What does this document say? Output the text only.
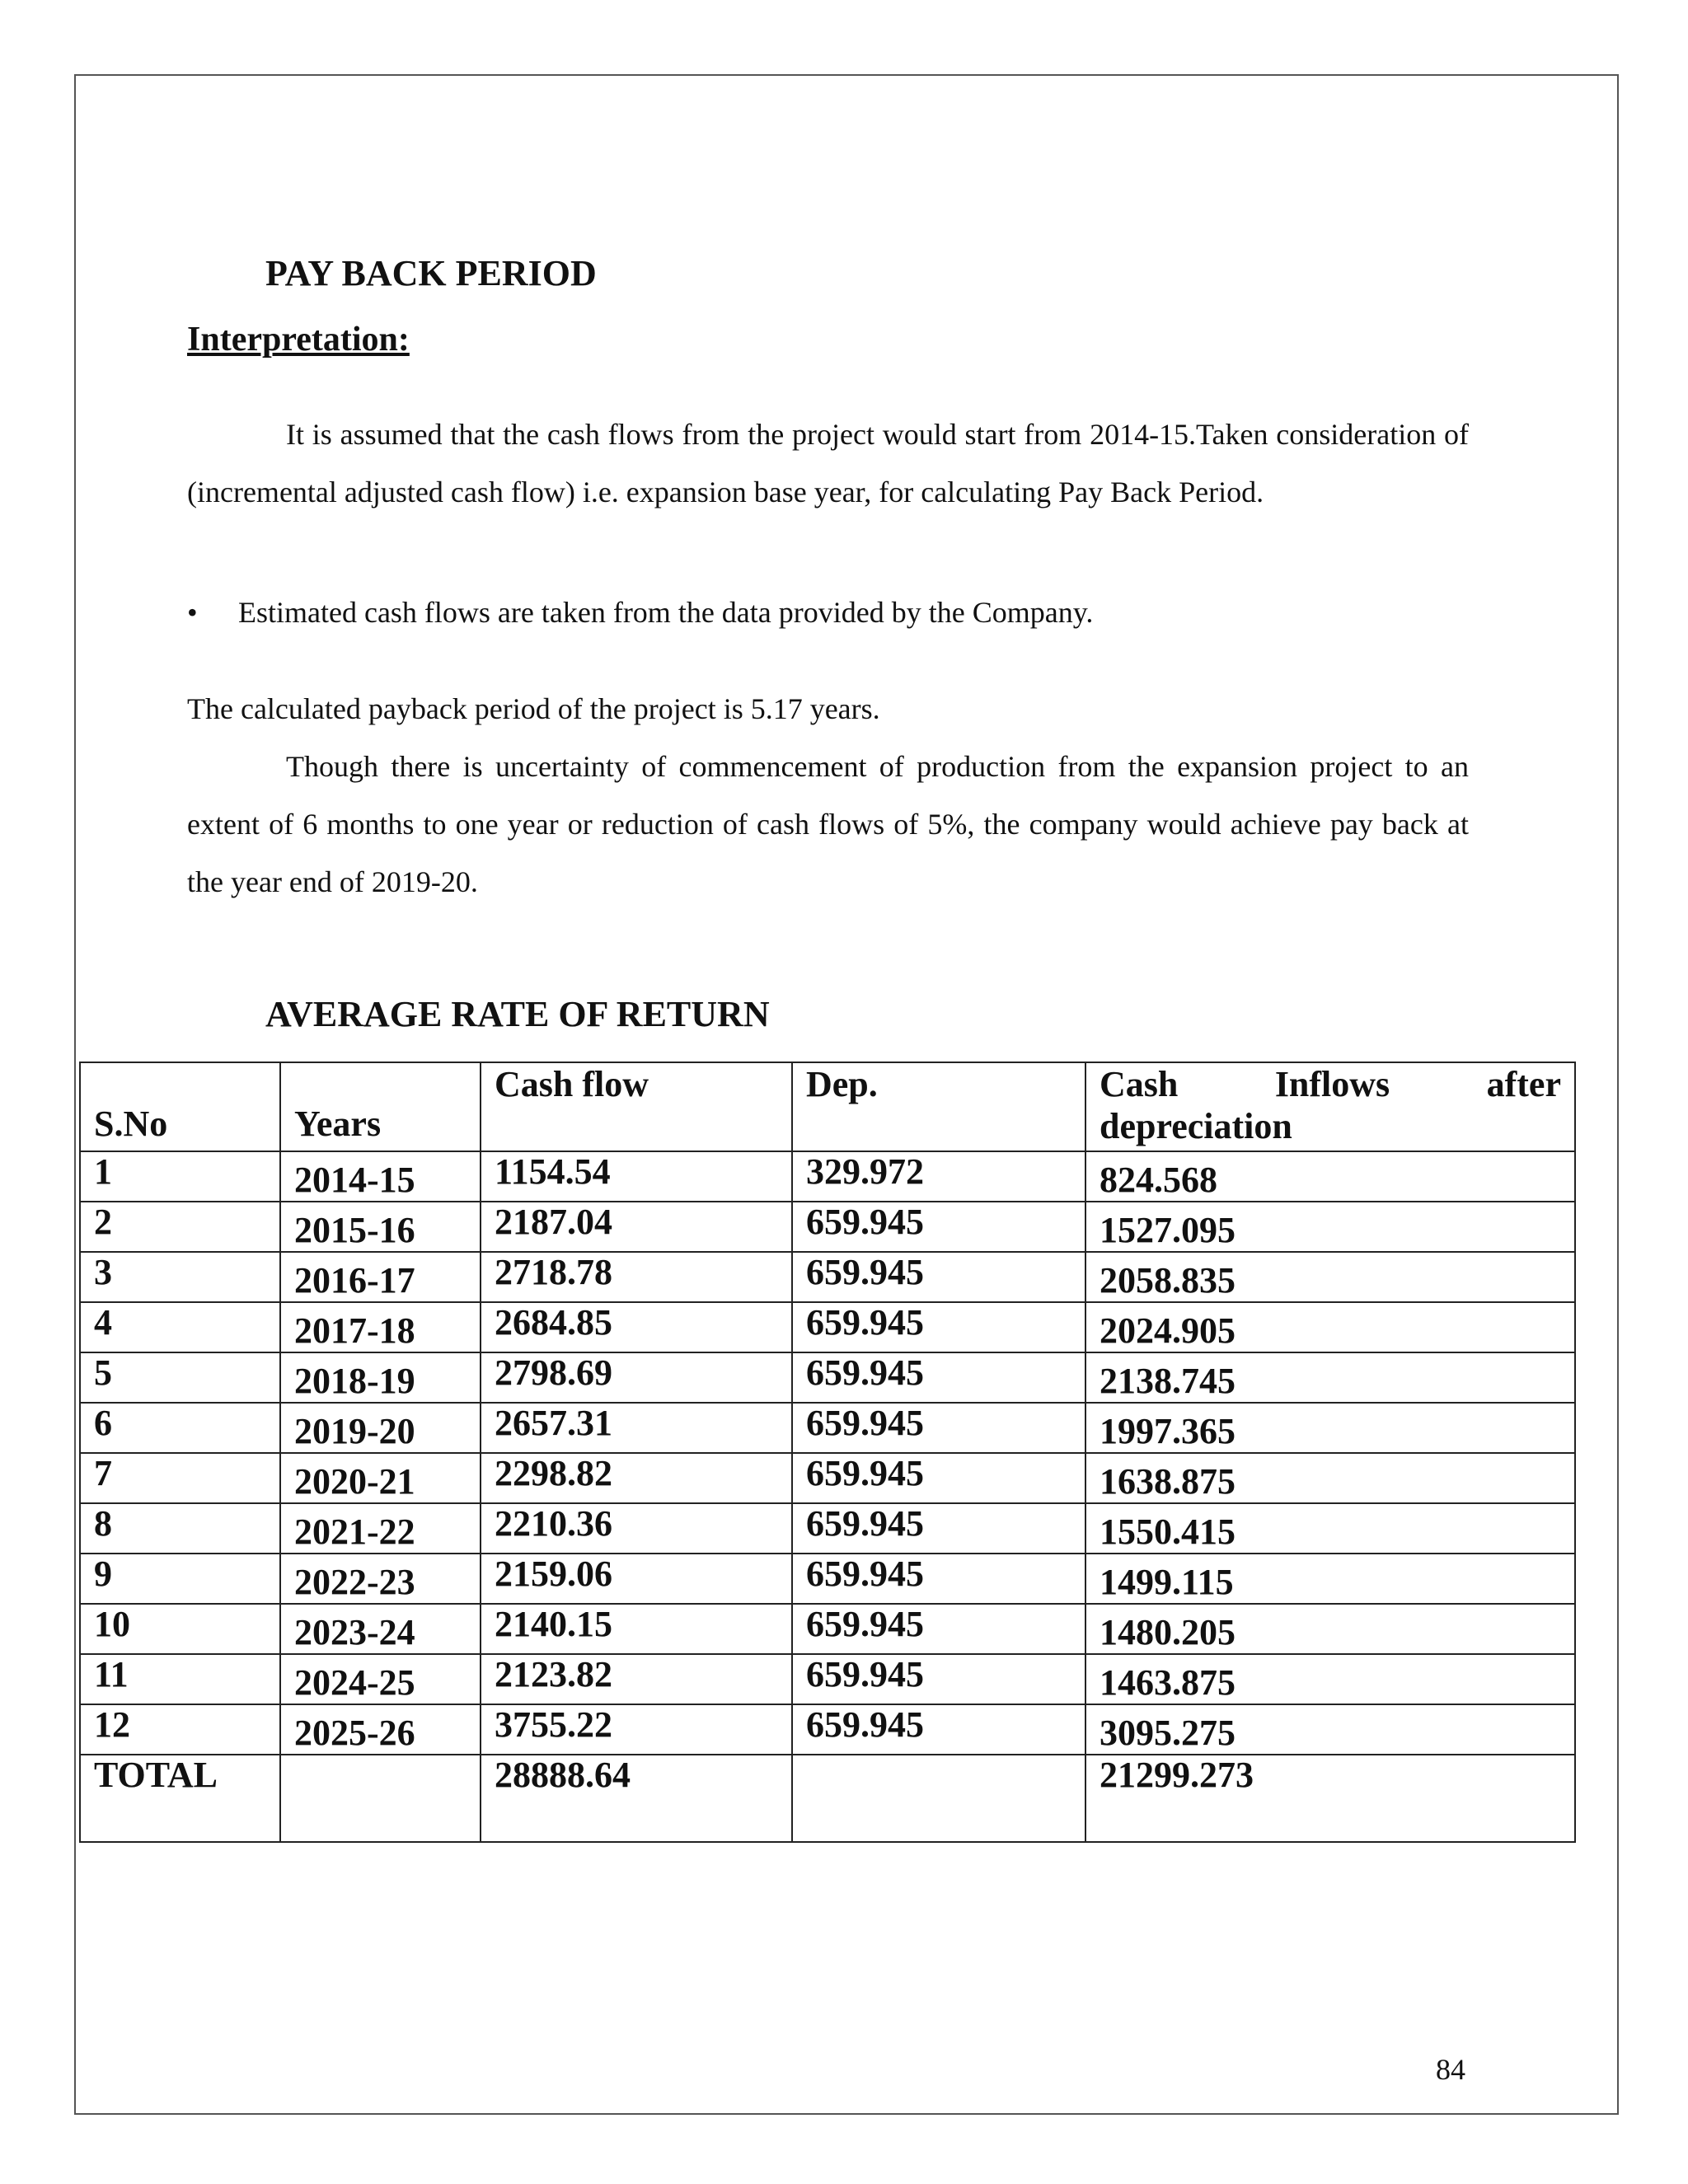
PAY BACK PERIOD
Interpretation:
It is assumed that the cash flows from the project would start from 2014-15.Taken consideration of (incremental adjusted cash flow) i.e. expansion base year, for calculating Pay Back Period.
• Estimated cash flows are taken from the data provided by the Company.
The calculated payback period of the project is 5.17 years.
Though there is uncertainty of commencement of production from the expansion project to an extent of 6 months to one year or reduction of cash flows of 5%, the company would achieve pay back at the year end of 2019-20.
AVERAGE RATE OF RETURN
S.No	Years	Cash flow	Dep.	Cash Inflows after
depreciation

1	2014-15	1154.54	329.972	824.568

2	2015-16	2187.04	659.945	1527.095

3	2016-17	2718.78	659.945	2058.835

4	2017-18	2684.85	659.945	2024.905

5	2018-19	2798.69	659.945	2138.745

6	2019-20	2657.31	659.945	1997.365

7	2020-21	2298.82	659.945	1638.875

8	2021-22	2210.36	659.945	1550.415

9	2022-23	2159.06	659.945	1499.115

10	2023-24	2140.15	659.945	1480.205

11	2024-25	2123.82	659.945	1463.875

12	2025-26	3755.22	659.945	3095.275

TOTAL		28888.64		21299.273
84
